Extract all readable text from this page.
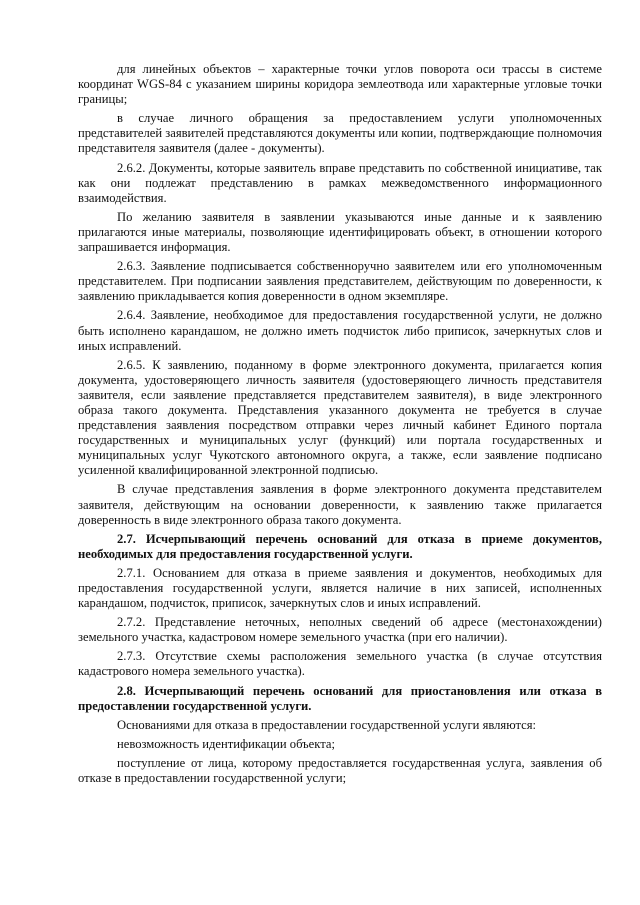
для линейных объектов – характерные точки углов поворота оси трассы в системе координат WGS-84 с указанием ширины коридора землеотвода или характерные угловые точки границы;

в случае личного обращения за предоставлением услуги уполномоченных представителей заявителей представляются документы или копии, подтверждающие полномочия представителя заявителя (далее - документы).

2.6.2. Документы, которые заявитель вправе представить по собственной инициативе, так как они подлежат представлению в рамках межведомственного информационного взаимодействия.

По желанию заявителя в заявлении указываются иные данные и к заявлению прилагаются иные материалы, позволяющие идентифицировать объект, в отношении которого запрашивается информация.

2.6.3. Заявление подписывается собственноручно заявителем или его уполномоченным представителем. При подписании заявления представителем, действующим по доверенности, к заявлению прикладывается копия доверенности в одном экземпляре.

2.6.4. Заявление, необходимое для предоставления государственной услуги, не должно быть исполнено карандашом, не должно иметь подчисток либо приписок, зачеркнутых слов и иных исправлений.

2.6.5. К заявлению, поданному в форме электронного документа, прилагается копия документа, удостоверяющего личность заявителя (удостоверяющего личность представителя заявителя, если заявление представляется представителем заявителя), в виде электронного образа такого документа. Представления указанного документа не требуется в случае представления заявления посредством отправки через личный кабинет Единого портала государственных и муниципальных услуг (функций) или портала государственных и муниципальных услуг Чукотского автономного округа, а также, если заявление подписано усиленной квалифицированной электронной подписью.

В случае представления заявления в форме электронного документа представителем заявителя, действующим на основании доверенности, к заявлению также прилагается доверенность в виде электронного образа такого документа.

2.7. Исчерпывающий перечень оснований для отказа в приеме документов, необходимых для предоставления государственной услуги.

2.7.1. Основанием для отказа в приеме заявления и документов, необходимых для предоставления государственной услуги, является наличие в них записей, исполненных карандашом, подчисток, приписок, зачеркнутых слов и иных исправлений.

2.7.2. Представление неточных, неполных сведений об адресе (местонахождении) земельного участка, кадастровом номере земельного участка (при его наличии).

2.7.3. Отсутствие схемы расположения земельного участка (в случае отсутствия кадастрового номера земельного участка).

2.8. Исчерпывающий перечень оснований для приостановления или отказа в предоставлении государственной услуги.

Основаниями для отказа в предоставлении государственной услуги являются:

невозможность идентификации объекта;

поступление от лица, которому предоставляется государственная услуга, заявления об отказе в предоставлении государственной услуги;
